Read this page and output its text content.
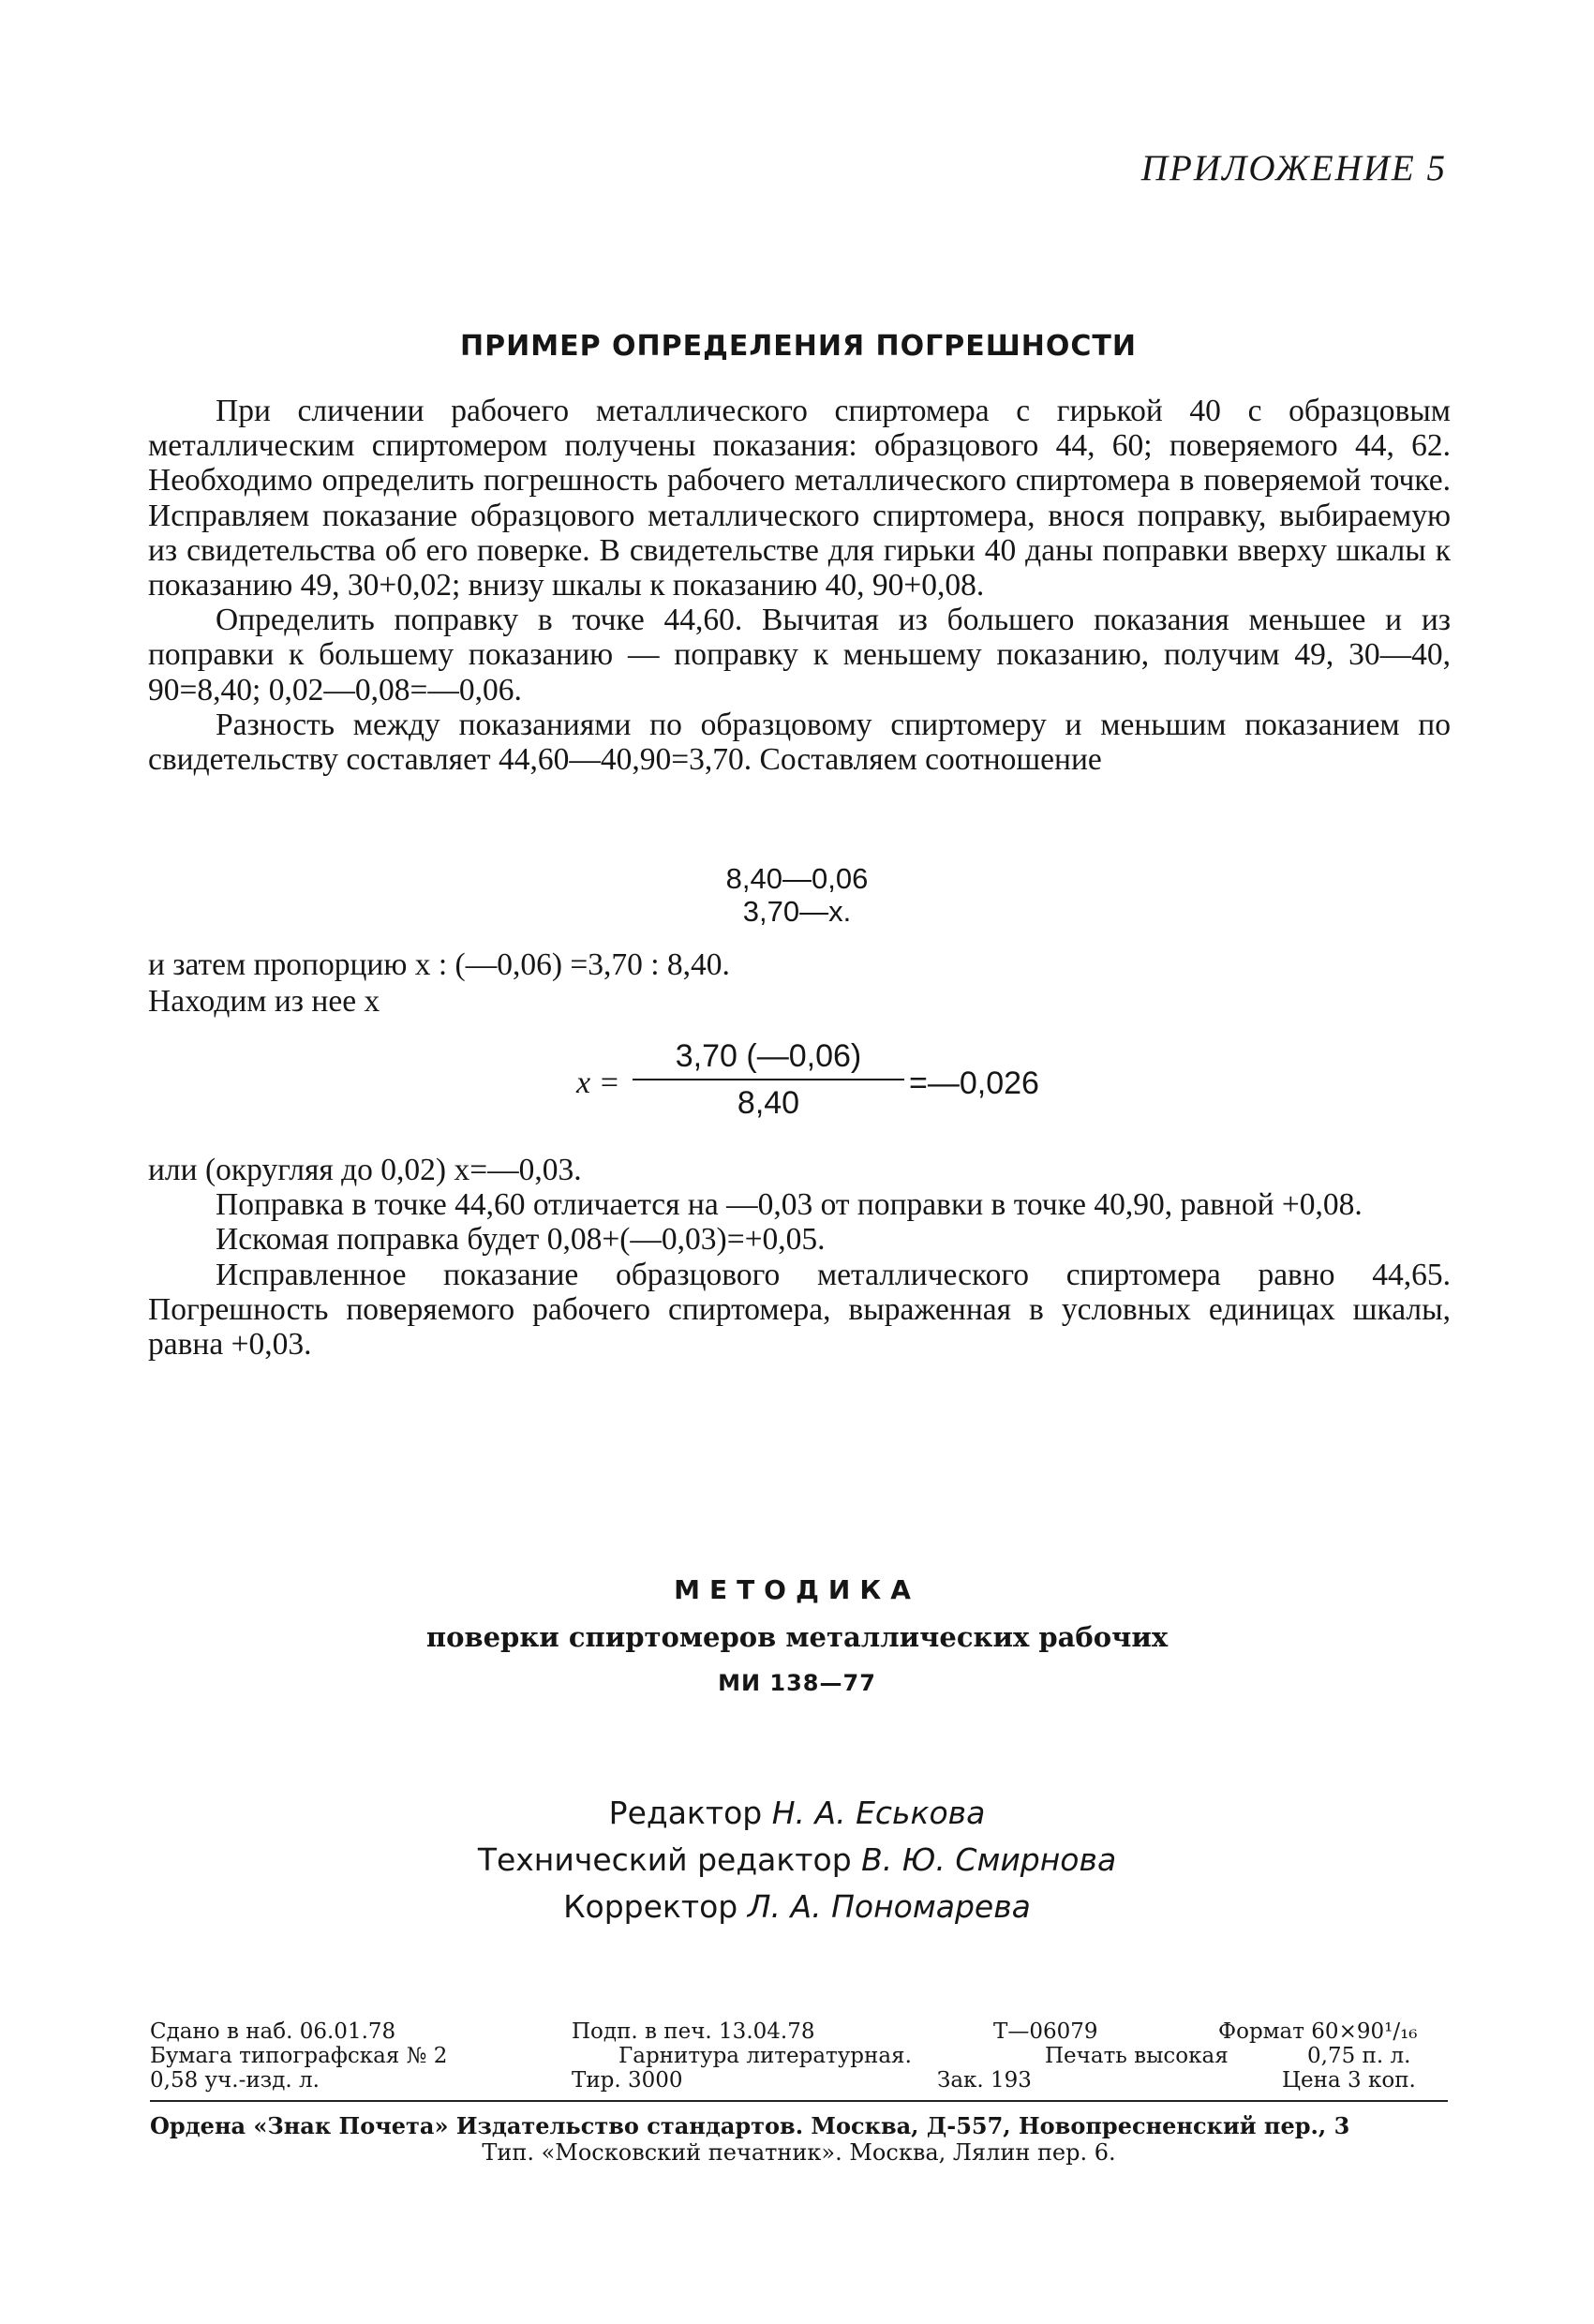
ПРИЛОЖЕНИЕ 5
ПРИМЕР ОПРЕДЕЛЕНИЯ ПОГРЕШНОСТИ

При сличении рабочего металлического спиртомера с гирькой 40 с образцовым металлическим спиртомером получены показания: образцового 44, 60; поверяемого 44, 62. Необходимо определить погрешность рабочего металлического спиртомера в поверяемой точке. Исправляем показание образцового металлического спиртомера, внося поправку, выбираемую из свидетельства об его поверке. В свидетельстве для гирьки 40 даны поправки вверху шкалы к показанию 49, 30+0,02; внизу шкалы к показанию 40, 90+0,08.

Определить поправку в точке 44,60. Вычитая из большего показания меньшее и из поправки к большему показанию — поправку к меньшему показанию, получим 49, 30—40, 90=8,40; 0,02—0,08=—0,06.

Разность между показаниями по образцовому спиртомеру и меньшим показанием по свидетельству составляет 44,60—40,90=3,70. Составляем соотношение

8,40—0,06
3,70—x.
и затем пропорцию x : (—0,06) =3,70 : 8,40.
Находим из нее x
x =
3,70 (—0,06)
8,40
=—0,026

или (округляя до 0,02) x=—0,03.

Поправка в точке 44,60 отличается на —0,03 от поправки в точке 40,90, равной +0,08.

Искомая поправка будет 0,08+(—0,03)=+0,05.

Исправленное показание образцового металлического спиртомера равно 44,65. Погрешность поверяемого рабочего спиртомера, выраженная в условных единицах шкалы, равна +0,03.

МЕТОДИКА
поверки спиртомеров металлических рабочих
МИ 138—77
Редактор Н. А. Еськова
Технический редактор В. Ю. Смирнова
Корректор Л. А. Пономарева
Сдано в наб. 06.01.78	Подп. в печ. 13.04.78	Т—06079	Формат 60×90¹/₁₆
Бумага типографская № 2	Гарнитура литературная.	Печать высокая	0,75 п. л.
0,58 уч.-изд. л.	Тир. 3000	Зак. 193	Цена 3 коп.
Ордена «Знак Почета» Издательство стандартов. Москва, Д-557, Новопресненский пер., 3
Тип. «Московский печатник». Москва, Лялин пер. 6.
